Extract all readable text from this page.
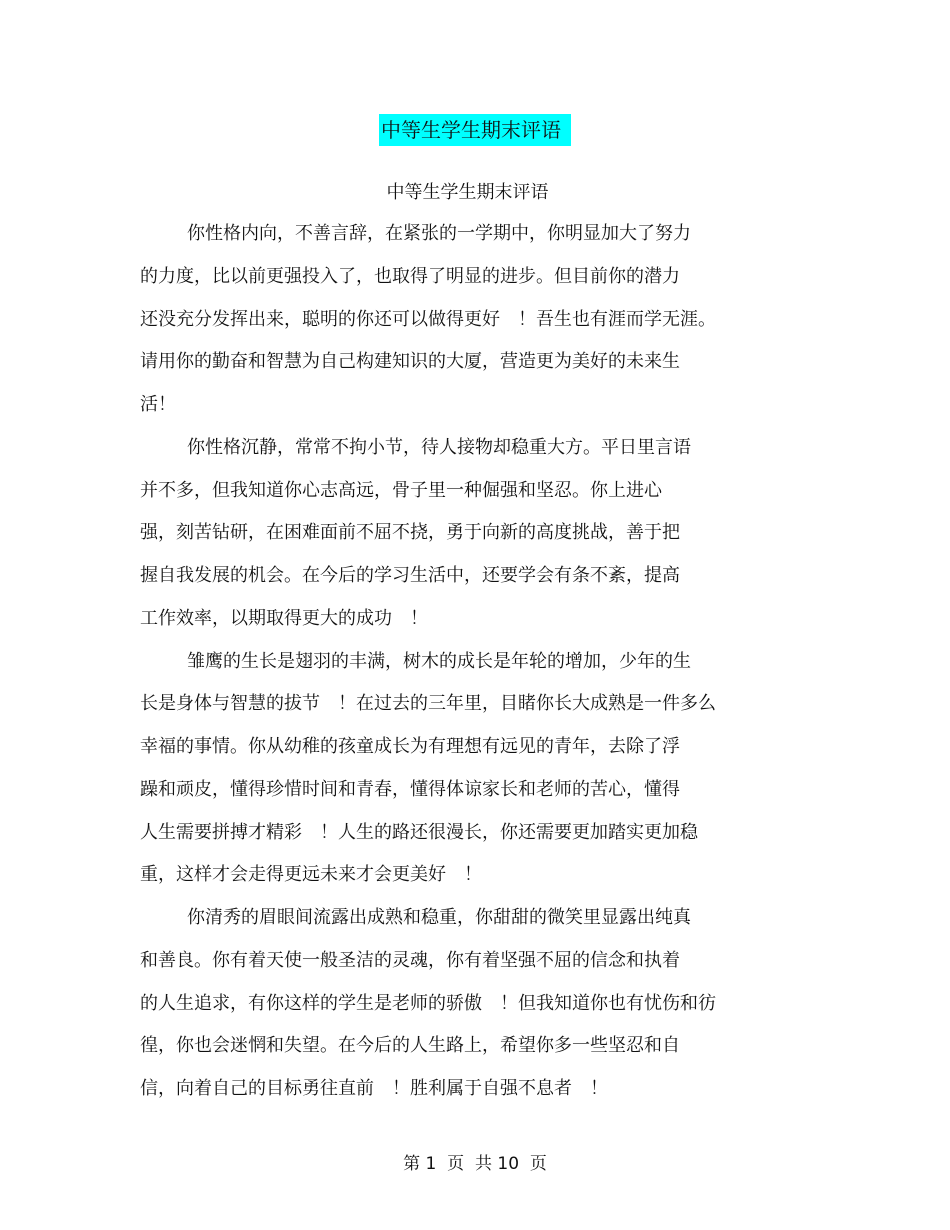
中等生学生期末评语
中等生学生期末评语
你性格内向，不善言辞，在紧张的一学期中，你明显加大了努力
的力度，比以前更强投入了，也取得了明显的进步。但目前你的潜力
还没充分发挥出来，聪明的你还可以做得更好　！吾生也有涯而学无涯。
请用你的勤奋和智慧为自己构建知识的大厦，营造更为美好的未来生
活！
你性格沉静，常常不拘小节，待人接物却稳重大方。平日里言语
并不多，但我知道你心志高远，骨子里一种倔强和坚忍。你上进心
强，刻苦钻研，在困难面前不屈不挠，勇于向新的高度挑战，善于把
握自我发展的机会。在今后的学习生活中，还要学会有条不紊，提高
工作效率，以期取得更大的成功　！
雏鹰的生长是翅羽的丰满，树木的成长是年轮的增加，少年的生
长是身体与智慧的拔节　！在过去的三年里，目睹你长大成熟是一件多么
幸福的事情。你从幼稚的孩童成长为有理想有远见的青年，去除了浮
躁和顽皮，懂得珍惜时间和青春，懂得体谅家长和老师的苦心，懂得
人生需要拼搏才精彩　！人生的路还很漫长，你还需要更加踏实更加稳
重，这样才会走得更远未来才会更美好　！
你清秀的眉眼间流露出成熟和稳重，你甜甜的微笑里显露出纯真
和善良。你有着天使一般圣洁的灵魂，你有着坚强不屈的信念和执着
的人生追求，有你这样的学生是老师的骄傲　！但我知道你也有忧伤和彷
徨，你也会迷惘和失望。在今后的人生路上，希望你多一些坚忍和自
信，向着自己的目标勇往直前　！胜利属于自强不息者　！
第 1  页  共 10  页
